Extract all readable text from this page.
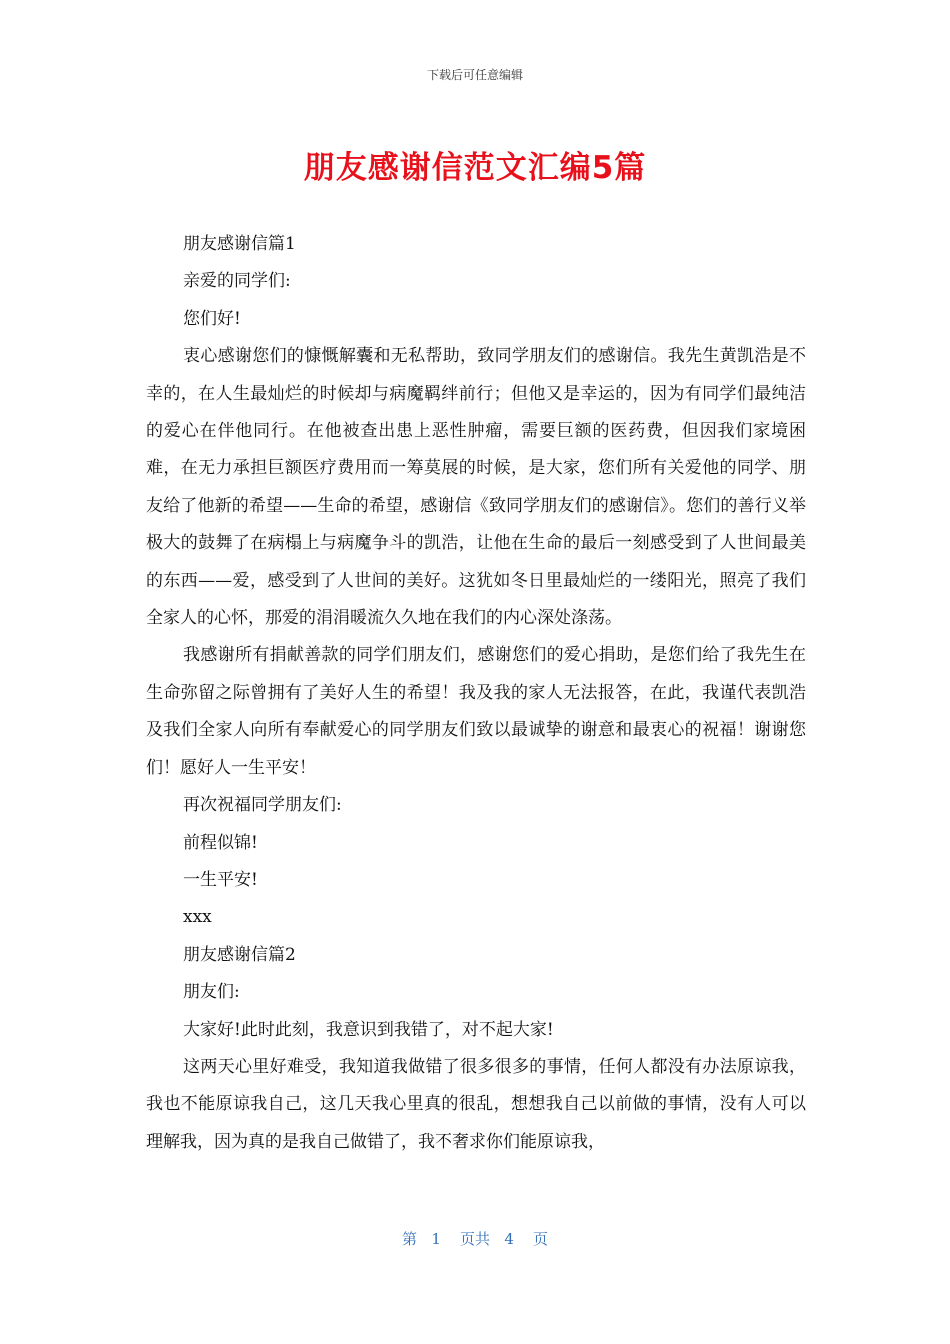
下载后可任意编辑
朋友感谢信范文汇编5篇

朋友感谢信篇1

亲爱的同学们:

您们好!

衷心感谢您们的慷慨解囊和无私帮助，致同学朋友们的感谢信。我先生黄凯浩是不幸的，在人生最灿烂的时候却与病魔羁绊前行；但他又是幸运的，因为有同学们最纯洁的爱心在伴他同行。在他被查出患上恶性肿瘤，需要巨额的医药费，但因我们家境困难，在无力承担巨额医疗费用而一筹莫展的时候，是大家，您们所有关爱他的同学、朋友给了他新的希望——生命的希望，感谢信《致同学朋友们的感谢信》。您们的善行义举极大的鼓舞了在病榻上与病魔争斗的凯浩，让他在生命的最后一刻感受到了人世间最美的东西——爱，感受到了人世间的美好。这犹如冬日里最灿烂的一缕阳光，照亮了我们全家人的心怀，那爱的涓涓暖流久久地在我们的内心深处涤荡。

我感谢所有捐献善款的同学们朋友们，感谢您们的爱心捐助，是您们给了我先生在生命弥留之际曾拥有了美好人生的希望！我及我的家人无法报答，在此，我谨代表凯浩及我们全家人向所有奉献爱心的同学朋友们致以最诚挚的谢意和最衷心的祝福！谢谢您们！愿好人一生平安！

再次祝福同学朋友们:

前程似锦!

一生平安!

xxx

朋友感谢信篇2

朋友们:

大家好!此时此刻，我意识到我错了，对不起大家!

这两天心里好难受，我知道我做错了很多很多的事情，任何人都没有办法原谅我，我也不能原谅我自己，这几天我心里真的很乱，想想我自己以前做的事情，没有人可以理解我，因为真的是我自己做错了，我不奢求你们能原谅我，

第 1 页共 4 页
